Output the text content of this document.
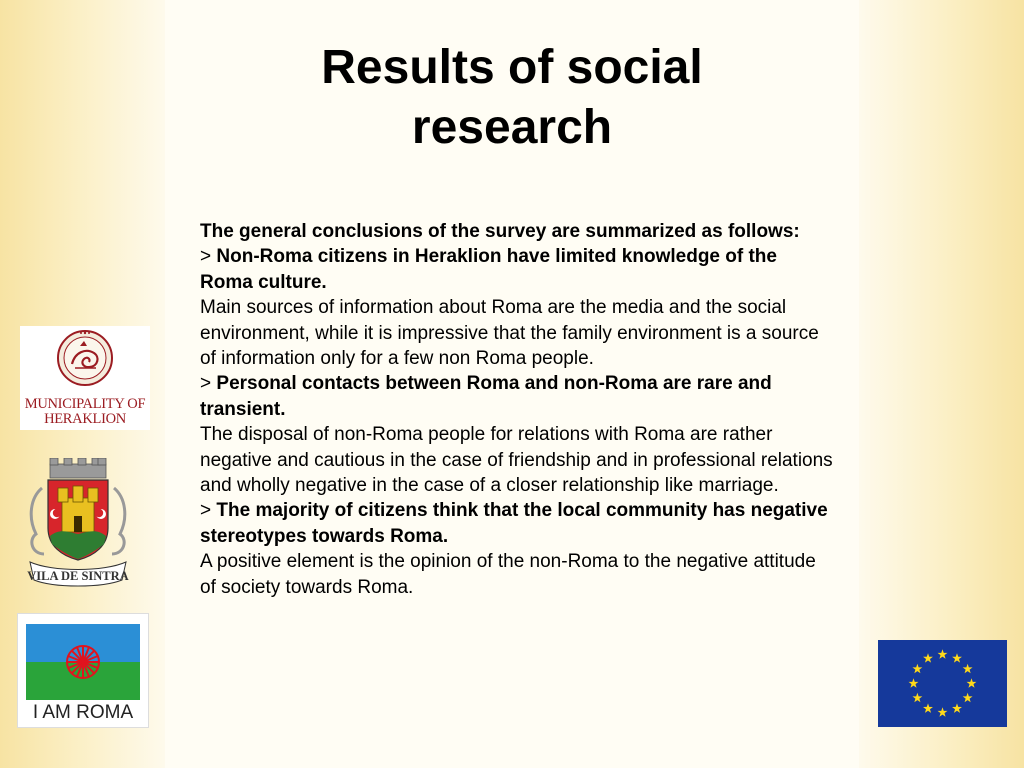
Results of social
research

The general conclusions of the survey are summarized as follows:

> Non-Roma citizens in Heraklion have limited knowledge of the Roma culture.

Main sources of information about Roma are the media and the social environment, while it is impressive that the family environment is a source of information only for a few non Roma people.

> Personal contacts between Roma and non-Roma are rare and transient.

The disposal of non-Roma people for relations with Roma are rather negative and cautious in the case of friendship and in professional relations and wholly negative in the case of a closer relationship like marriage.

> The majority of citizens think that the local community has negative stereotypes towards Roma.

A positive element is the opinion of the non-Roma to the negative attitude of society towards Roma.

MUNICIPALITY OF
HERAKLION
VILA DE SINTRA
I AM ROMA
